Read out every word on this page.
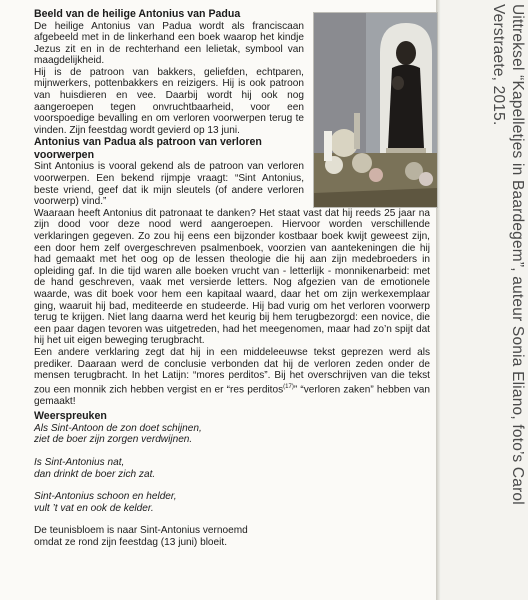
Beeld van de heilige Antonius van Padua

De heilige Antonius van Padua wordt als franciscaan afgebeeld met in de linkerhand een boek waarop het kindje Jezus zit en in de rechterhand een lelietak, symbool van maagdelijkheid.

Hij is de patroon van bakkers, geliefden, echtparen, mijnwerkers, pottenbakkers en reizigers. Hij is ook patroon van huisdieren en vee. Daarbij wordt hij ook nog aangeroepen tegen onvruchtbaarheid, voor een voorspoedige bevalling en om verloren voorwerpen terug te vinden. Zijn feestdag wordt gevierd op 13 juni.

Antonius van Padua als patroon van verloren voorwerpen

Sint Antonius is vooral gekend als de patroon van verloren voorwerpen. Een bekend rijmpje vraagt: “Sint Antonius, beste vriend, geef dat ik mijn sleutels (of andere verloren voorwerp) vind.”

Waaraan heeft Antonius dit patronaat te danken? Het staat vast dat hij reeds 25 jaar na zijn dood voor deze nood werd aangeroepen. Hiervoor worden verschillende verklaringen gegeven. Zo zou hij eens een bijzonder kostbaar boek kwijt geweest zijn, een door hem zelf overgeschreven psalmenboek, voorzien van aantekeningen die hij had gemaakt met het oog op de lessen theologie die hij aan zijn medebroeders in opleiding gaf. In die tijd waren alle boeken vrucht van - letterlijk - monnikenarbeid: met de hand geschreven, vaak met versierde letters. Nog afgezien van de emotionele waarde, was dit boek voor hem een kapitaal waard, daar het om zijn werkexemplaar ging, waaruit hij bad, mediteerde en studeerde. Hij bad vurig om het verloren voorwerp terug te krijgen. Niet lang daarna werd het keurig bij hem terugbezorgd: een novice, die een paar dagen tevoren was uitgetreden, had het meegenomen, maar had zo’n spijt dat hij het uit eigen beweging terugbracht.

Een andere verklaring zegt dat hij in een middeleeuwse tekst geprezen werd als prediker. Daaraan werd de conclusie verbonden dat hij de verloren zeden onder de mensen terugbracht. In het Latijn: “mores perditos”. Bij het overschrijven van die tekst zou een monnik zich hebben vergist en er “res perditos$^{(17)}$” “verloren zaken” hebben van gemaakt!

Weerspreuken
Als Sint-Antoon de zon doet schijnen,
ziet de boer zijn zorgen verdwijnen.
Is Sint-Antonius nat,
dan drinkt de boer zich zat.
Sint-Antonius schoon en helder,
vult ’t vat en ook de kelder.
De teunisbloem is naar Sint-Antonius vernoemd
omdat ze rond zijn feestdag (13 juni) bloeit.
Uittreksel “Kapelletjes in Baardegem”, auteur Sonia Eliano, foto’s Carol
Verstraete, 2015.
